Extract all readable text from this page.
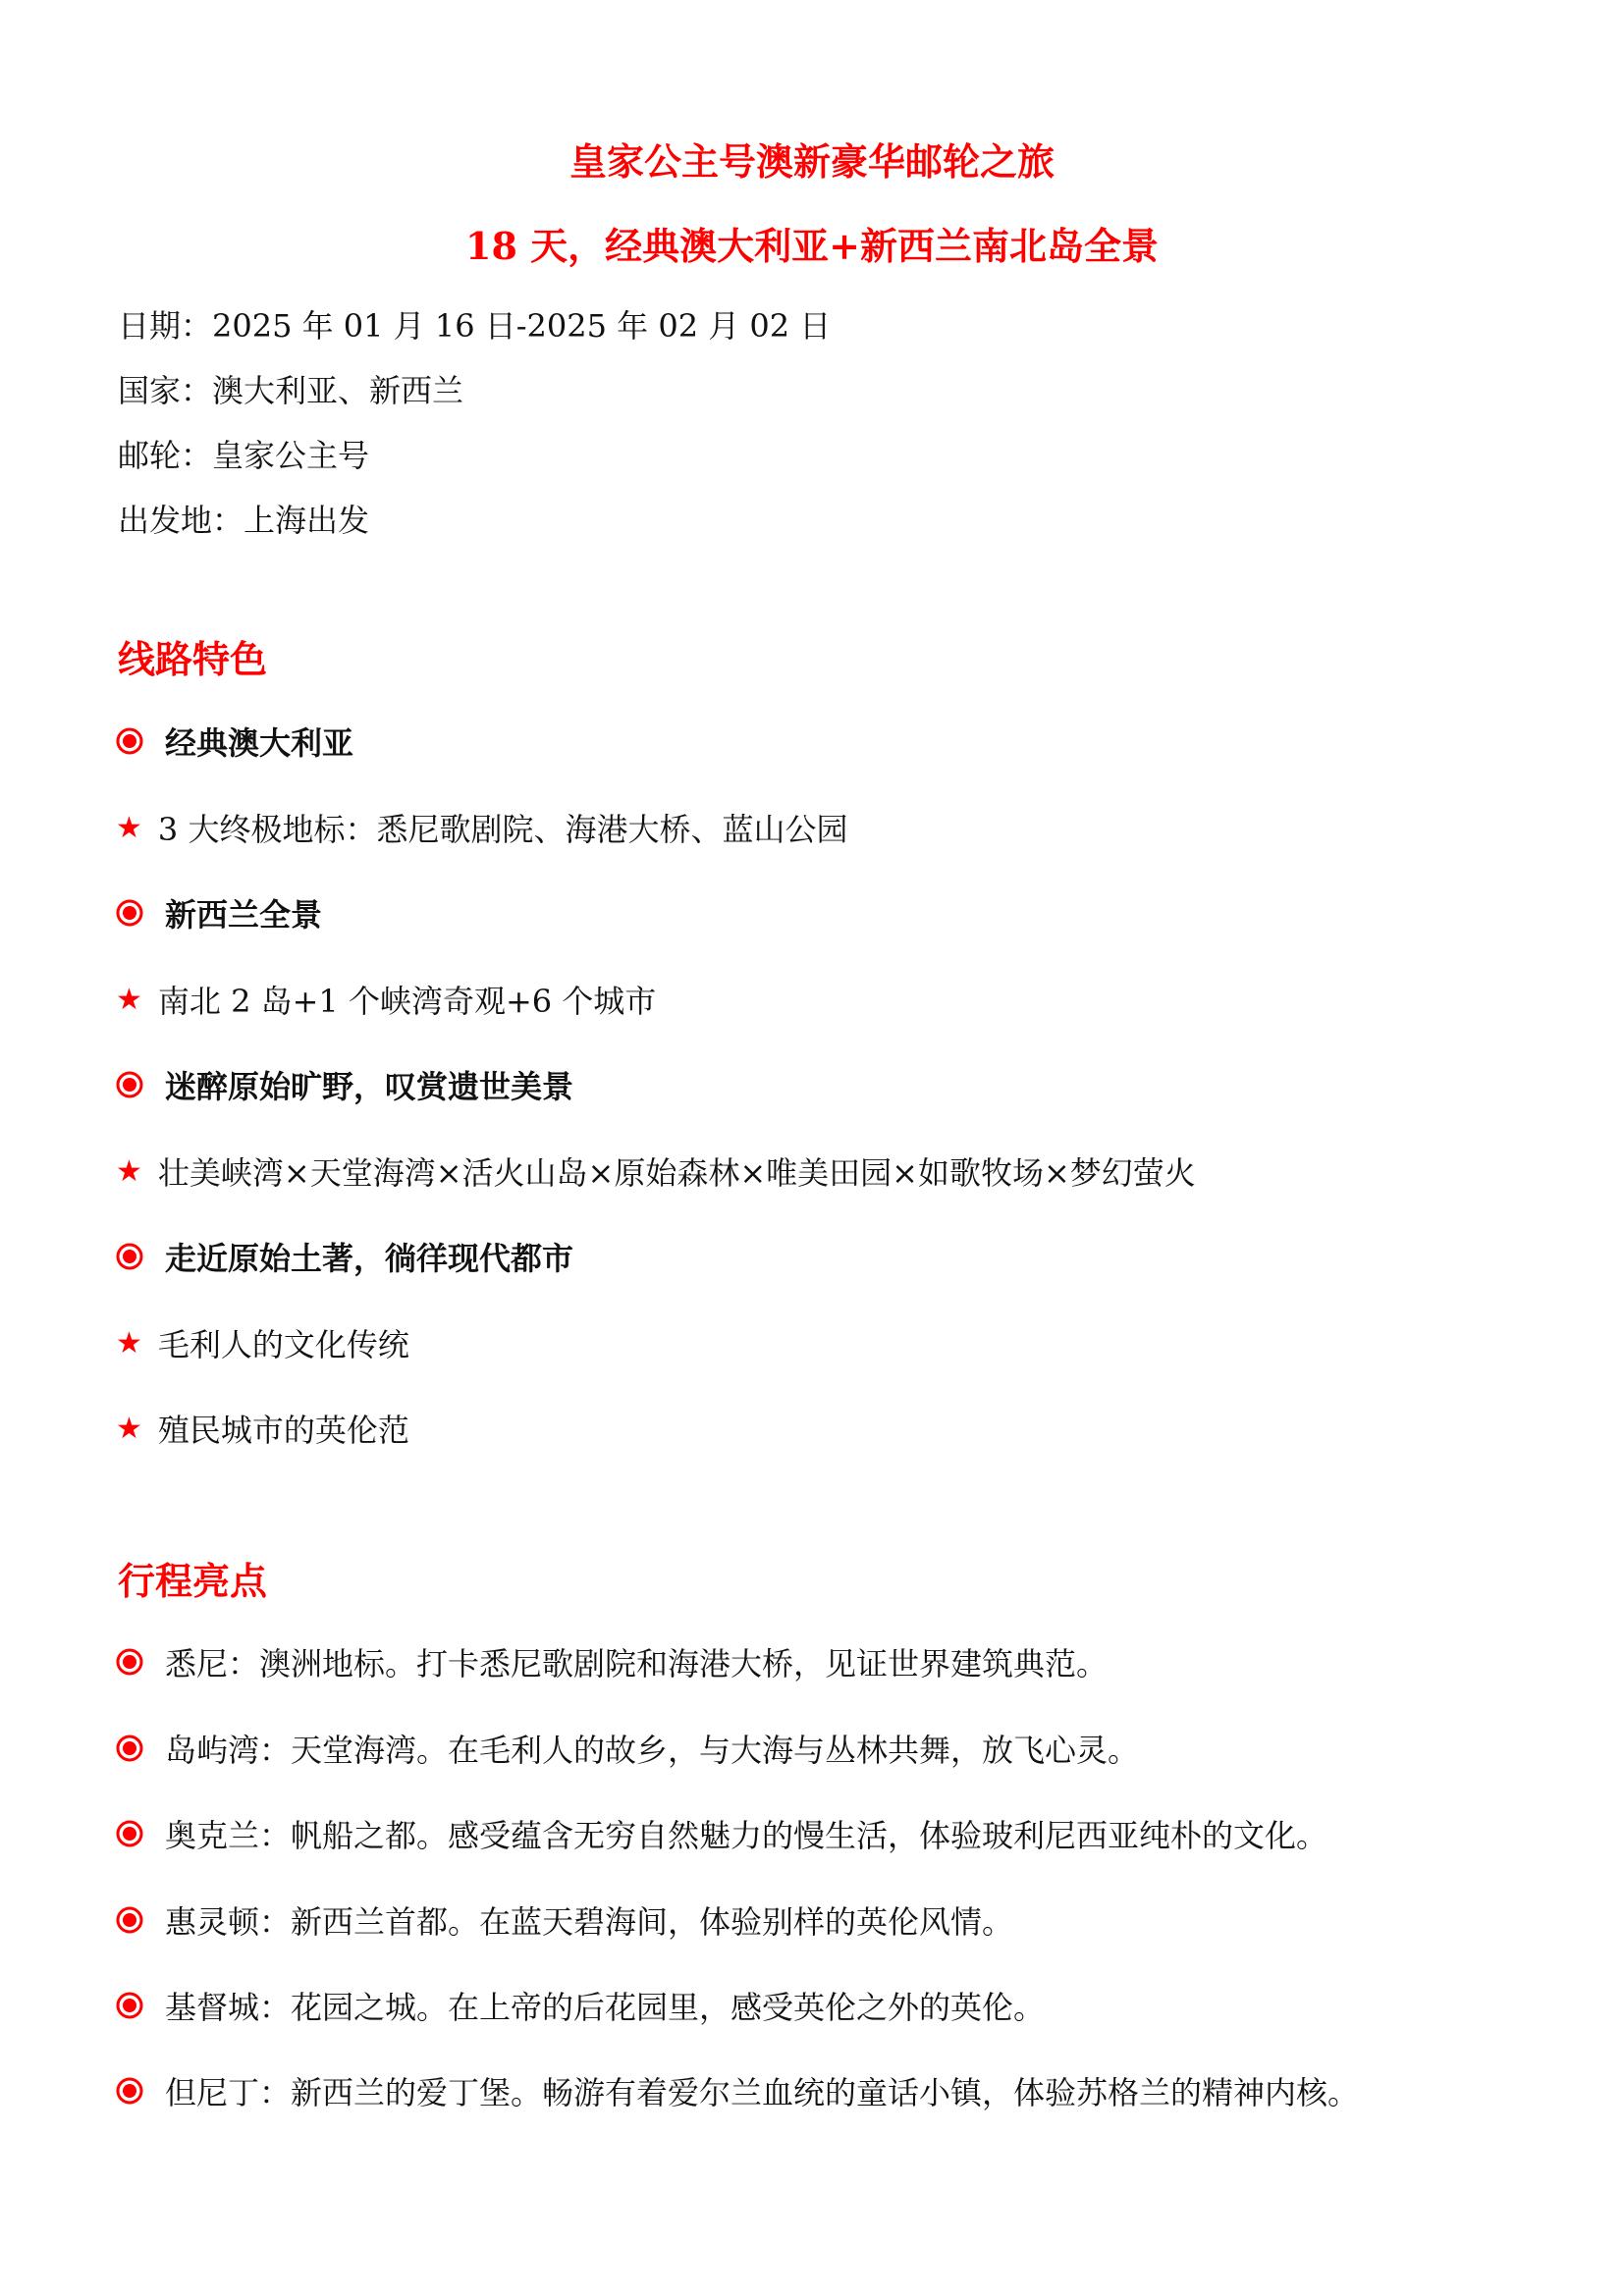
皇家公主号澳新豪华邮轮之旅
18 天，经典澳大利亚+新西兰南北岛全景
日期：2025 年 01 月 16 日-2025 年 02 月 02 日
国家：澳大利亚、新西兰
邮轮：皇家公主号
出发地：上海出发
线路特色
经典澳大利亚
★ 3 大终极地标：悉尼歌剧院、海港大桥、蓝山公园
新西兰全景
★ 南北 2 岛+1 个峡湾奇观+6 个城市
迷醉原始旷野，叹赏遗世美景
★ 壮美峡湾×天堂海湾×活火山岛×原始森林×唯美田园×如歌牧场×梦幻萤火
走近原始土著，徜徉现代都市
★ 毛利人的文化传统
★ 殖民城市的英伦范
行程亮点
悉尼：澳洲地标。打卡悉尼歌剧院和海港大桥，见证世界建筑典范。
岛屿湾：天堂海湾。在毛利人的故乡，与大海与丛林共舞，放飞心灵。
奥克兰：帆船之都。感受蕴含无穷自然魅力的慢生活，体验玻利尼西亚纯朴的文化。
惠灵顿：新西兰首都。在蓝天碧海间，体验别样的英伦风情。
基督城：花园之城。在上帝的后花园里，感受英伦之外的英伦。
但尼丁：新西兰的爱丁堡。畅游有着爱尔兰血统的童话小镇，体验苏格兰的精神内核。
